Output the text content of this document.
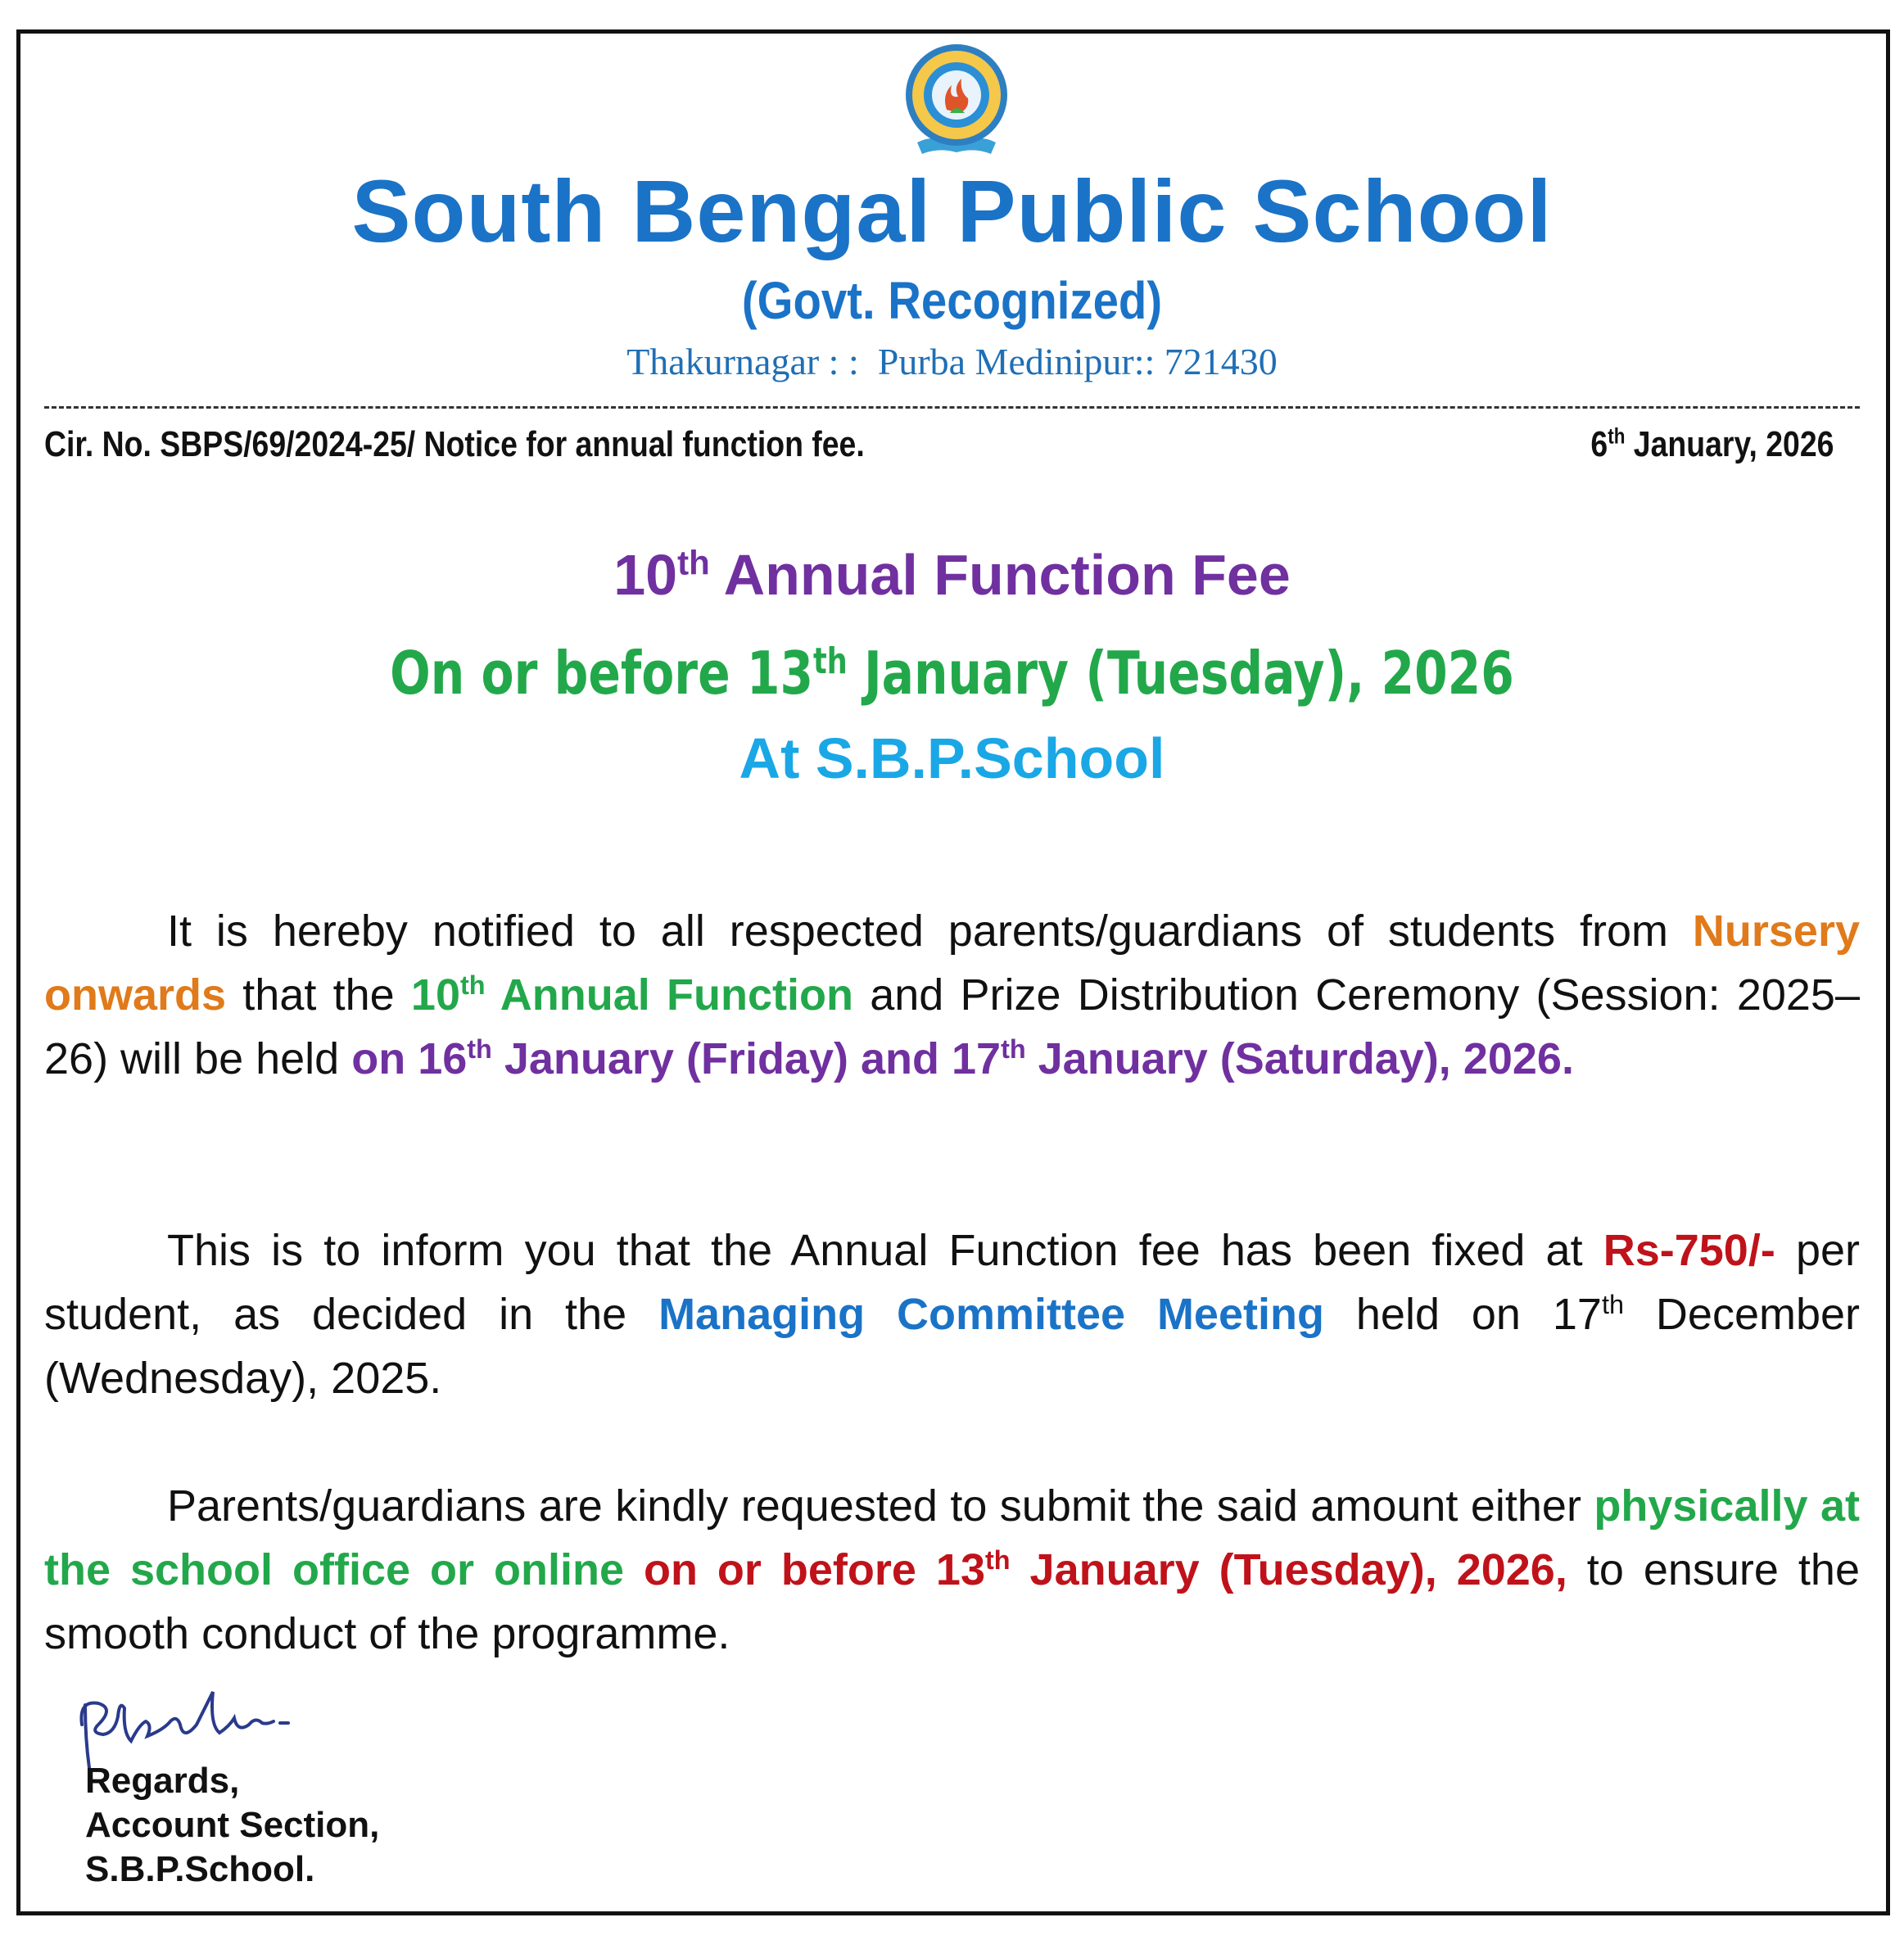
South Bengal Public School
(Govt. Recognized)
Thakurnagar : :  Purba Medinipur:: 721430
Cir. No. SBPS/69/2024-25/ Notice for annual function fee.	6th January, 2026
10th Annual Function Fee
On or before 13th January (Tuesday), 2026
At S.B.P.School
It is hereby notified to all respected parents/guardians of students from Nursery onwards that the 10th Annual Function and Prize Distribution Ceremony (Session: 2025–26) will be held on 16th January (Friday) and 17th January (Saturday), 2026.
This is to inform you that the Annual Function fee has been fixed at Rs-750/- per student, as decided in the Managing Committee Meeting held on 17th December (Wednesday), 2025.
Parents/guardians are kindly requested to submit the said amount either physically at the school office or online on or before 13th January (Tuesday), 2026, to ensure the smooth conduct of the programme.
Regards,
Account Section,
S.B.P.School.
